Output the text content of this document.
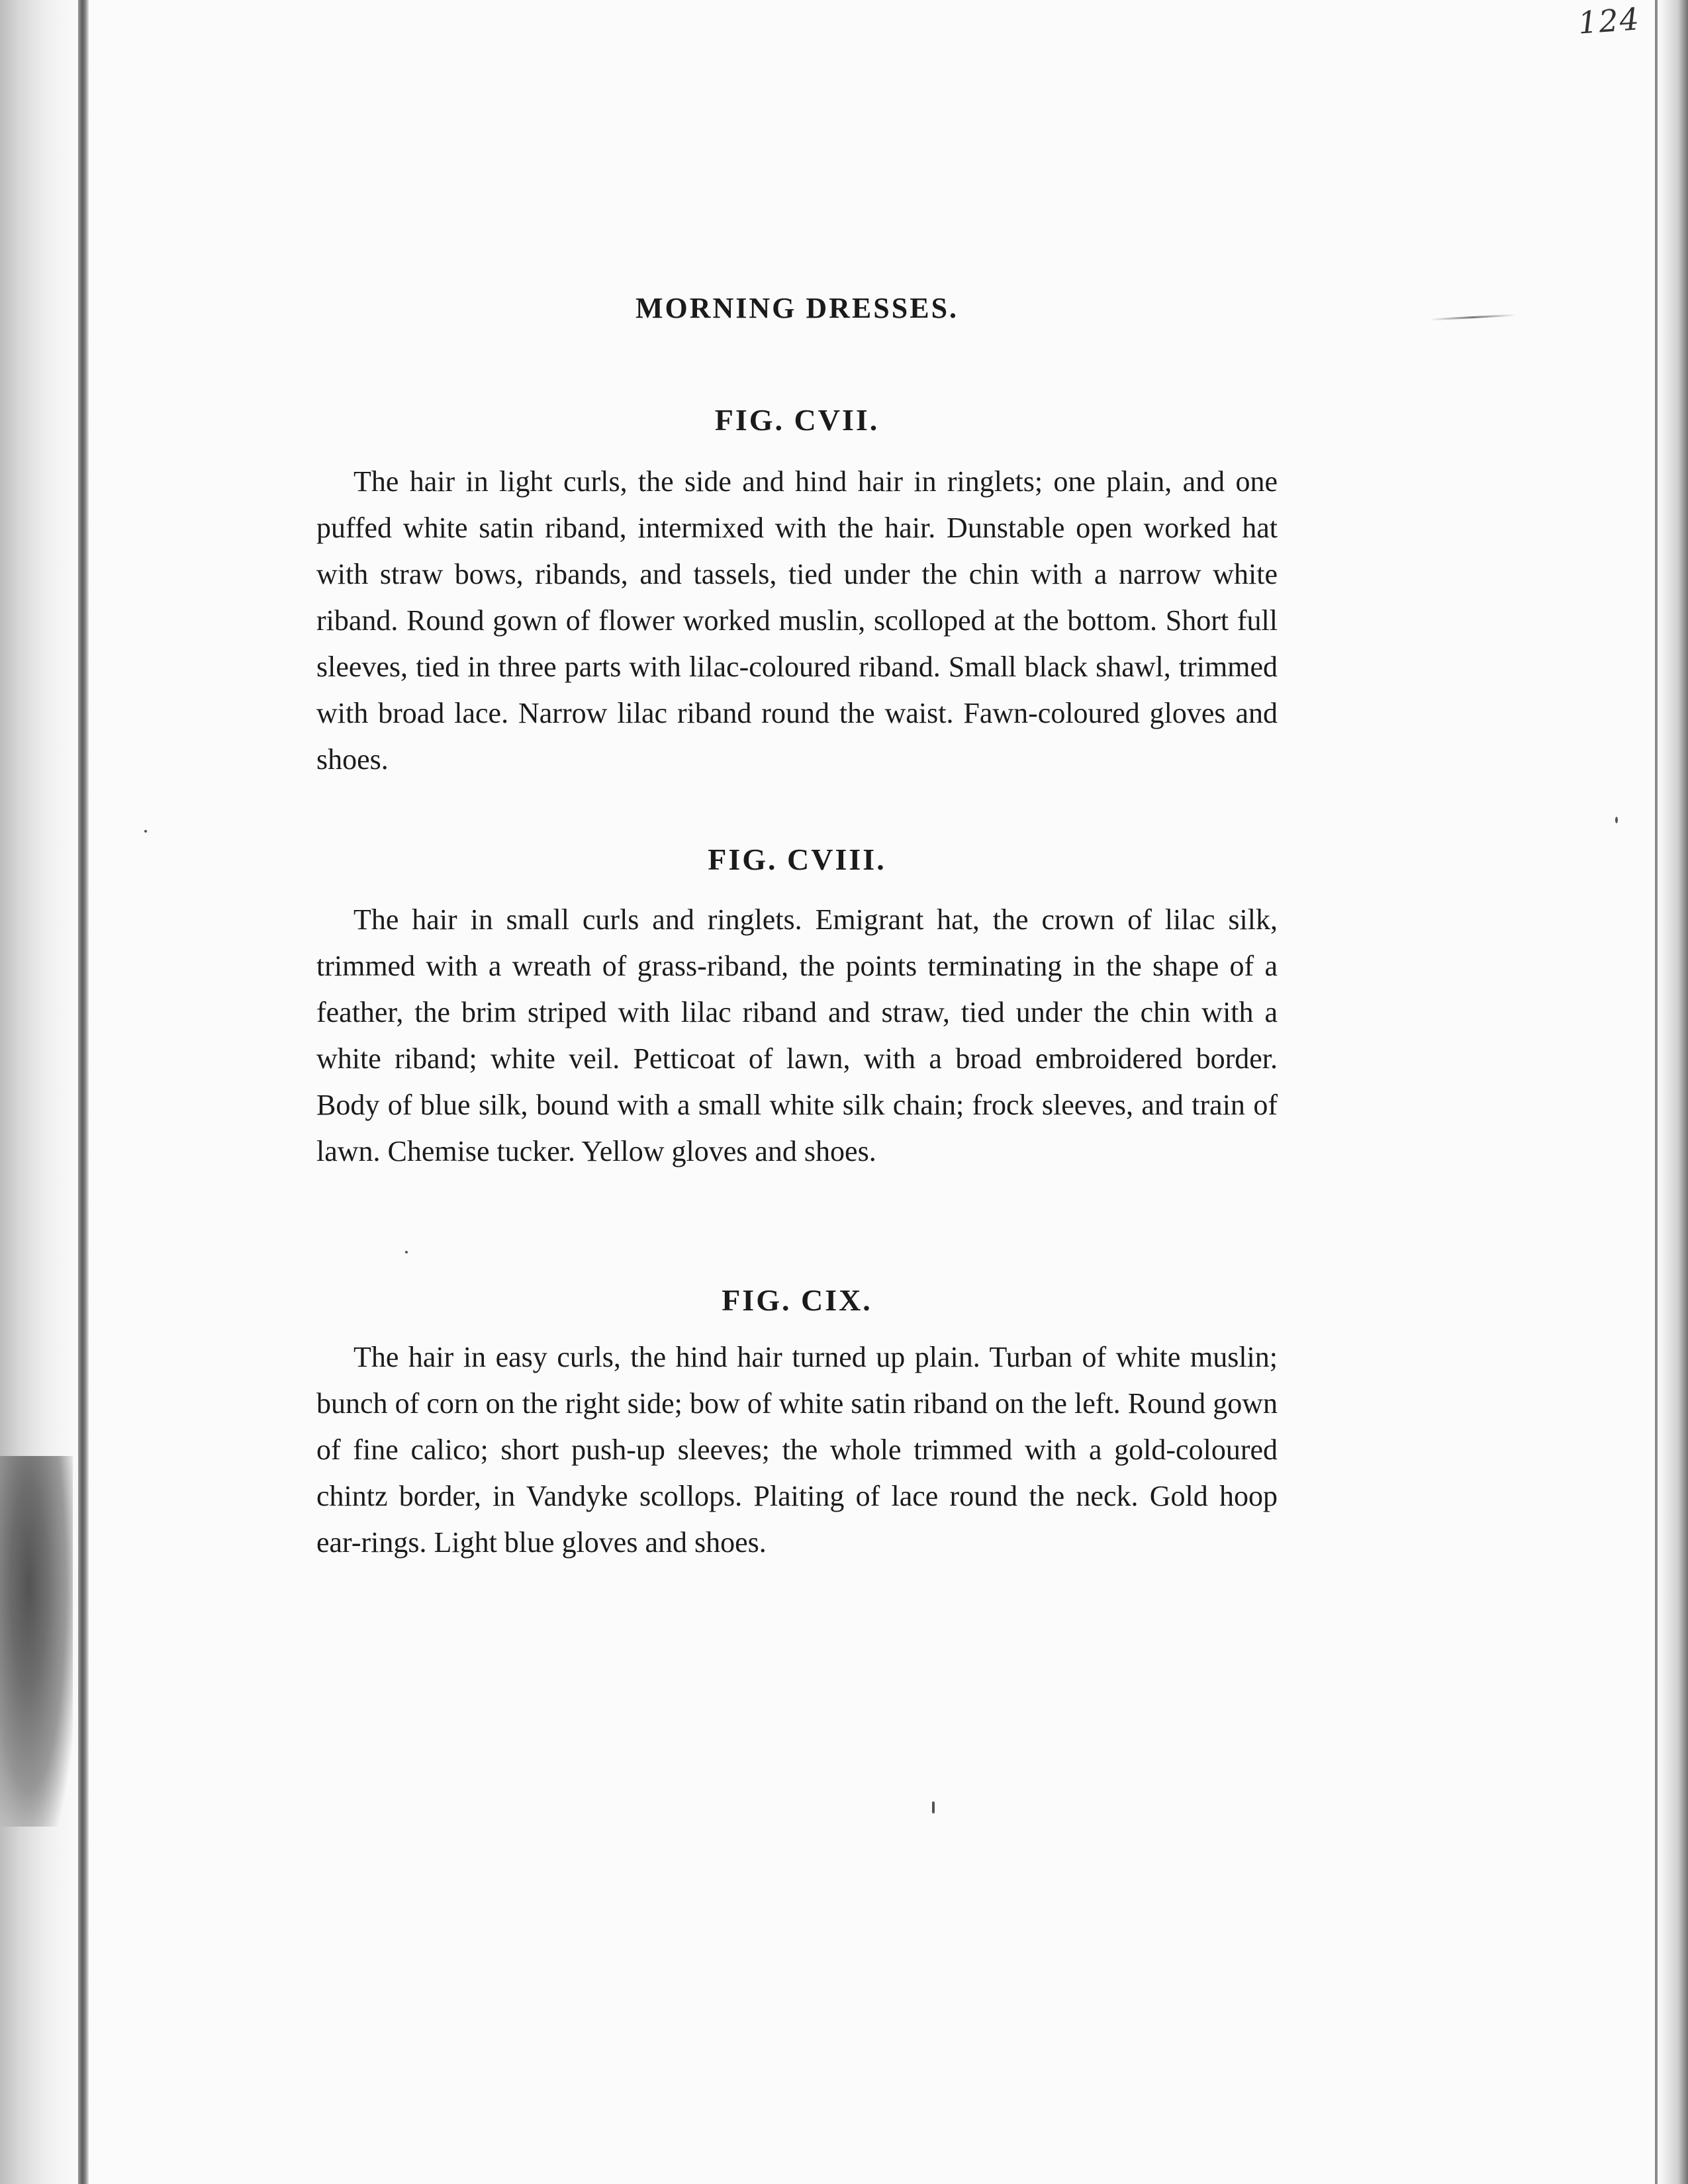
124
MORNING DRESSES.
FIG. CVII.

The hair in light curls, the side and hind hair in ringlets; one plain, and one puffed white satin riband, intermixed with the hair. Dunstable open worked hat with straw bows, ribands, and tassels, tied under the chin with a narrow white riband. Round gown of flower worked muslin, scolloped at the bottom. Short full sleeves, tied in three parts with lilac-coloured riband. Small black shawl, trimmed with broad lace. Narrow lilac riband round the waist. Fawn-coloured gloves and shoes.

FIG. CVIII.

The hair in small curls and ringlets. Emigrant hat, the crown of lilac silk, trimmed with a wreath of grass-riband, the points terminating in the shape of a feather, the brim striped with lilac riband and straw, tied under the chin with a white riband; white veil. Petticoat of lawn, with a broad embroidered border. Body of blue silk, bound with a small white silk chain; frock sleeves, and train of lawn. Chemise tucker. Yellow gloves and shoes.

FIG. CIX.

The hair in easy curls, the hind hair turned up plain. Turban of white muslin; bunch of corn on the right side; bow of white satin riband on the left. Round gown of fine calico; short push-up sleeves; the whole trimmed with a gold-coloured chintz border, in Vandyke scollops. Plaiting of lace round the neck. Gold hoop ear-rings. Light blue gloves and shoes.
